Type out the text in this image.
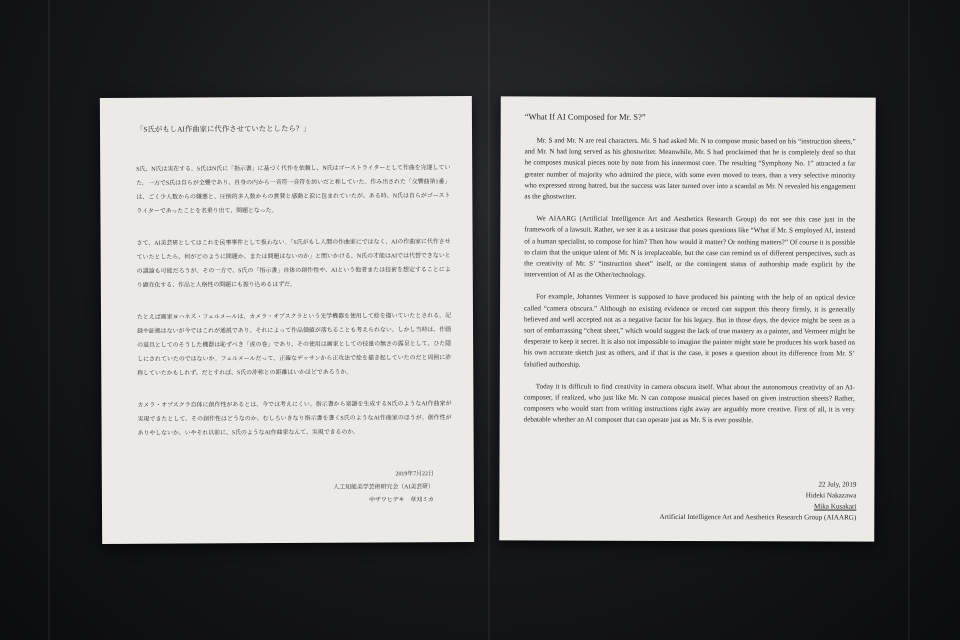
「S氏がもしAI作曲家に代作させていたとしたら？」

S氏、N氏は実在する。S氏はN氏に「指示書」に基づく代作を依頼し、N氏はゴーストライターとして作曲を完遂していた。一方でS氏は自らが全聾であり、自身の内から一音符一音符を紡いだと称していた。作み出された「交響曲第1番」は、ごく少人数からの嫌悪と、圧倒的多人数からの賞賛と感動と涙に包まれていたが、ある時、N氏は自らがゴーストライターであったことを名乗り出て、問題となった。

さて、AI美芸研としてはこれを民事事件として扱わない。「S氏がもし人間の作曲家にではなく、AIの作曲家に代作させていたとしたら、何がどのように問題か、または問題はないのか」と問いかける。N氏の才能はAIでは代替できないとの議論も可能だろうが、その一方で、S氏の「指示書」自体の創作性や、AIという他者または技術を想定することにより顕在化する、作品と人格性の問題にも振り込めるはずだ。

たとえば画家ヨハネス・フェルメールは、カメラ・オブスクラという光学機器を使用して絵を描いていたとされる。記録や証拠はないが今ではこれが通説であり、それによって作品価値が落ちることも考えられない。しかし当時は、作画の道具としてのそうした機器は恥ずべき「虎の巻」であり、その使用は画家としての技量の無さの露呈として、ひた隠しにされていたのではないか。フェルメールだって、正確なデッサンから正攻法で絵を描き起していたのだと周囲に詐称していたかもしれず、だとすれば、S氏の詐称との距離はいかほどであろうか。

カメラ・オブスクラ自体に創作性があるとは、今では考えにくい。指示書から楽譜を生成するN氏のようなAI作曲家が実現できたとして、その創作性はどうなのか。むしろいきなり指示書を書くS氏のようなAI作曲家のほうが、創作性がありやしないか。いやそれ以前に、S氏のようなAI作曲家なんて、実現できるのか。

2019年7月22日
人工知能美学芸術研究会（AI美芸研）
中ザワヒデキ　草刈ミカ

“What If AI Composed for Mr. S?”

Mr. S and Mr. N are real characters. Mr. S had asked Mr. N to compose music based on his “instruction sheets,” and Mr. N had long served as his ghostwriter. Meanwhile, Mr. S had proclaimed that he is completely deaf so that he composes musical pieces note by note from his innermost core. The resulting “Symphony No. 1” attracted a far greater number of majority who admired the piece, with some even moved to tears, than a very selective minority who expressed strong hatred, but the success was later turned over into a scandal as Mr. N revealed his engagement as the ghostwriter.

We AIAARG (Artificial Intelligence Art and Aesthetics Research Group) do not see this case just in the framework of a lawsuit. Rather, we see it as a testcase that poses questions like “What if Mr. S employed AI, instead of a human specialist, to compose for him? Then how would it matter? Or nothing matters?” Of course it is possible to claim that the unique talent of Mr. N is irreplaceable, but the case can remind us of different perspectives, such as the creativity of Mr. S’ “instruction sheet” itself, or the contingent status of authorship made explicit by the intervention of AI as the Other/technology.

For example, Johannes Vermeer is supposed to have produced his painting with the help of an optical device called “camera obscura.” Although no existing evidence or record can support this theory firmly, it is generally believed and well accepted not as a negative factor for his legacy. But in those days, the device might be seen as a sort of embarrassing “cheat sheet,” which would suggest the lack of true mastery as a painter, and Vermeer might be desperate to keep it secret. It is also not impossible to imagine the painter might state he produces his work based on his own accurate sketch just as others, and if that is the case, it poses a question about its difference from Mr. S’ falsified authorship.

Today it is difficult to find creativity in camera obscura itself. What about the autonomous creativity of an AI-composer, if realized, who just like Mr. N can compose musical pieces based on given instruction sheets? Rather, composers who would start from writing instructions right away are arguably more creative. First of all, it is very debatable whether an AI composer that can operate just as Mr. S is ever possible.

22 July, 2019
Hideki Nakazawa
Mika Kusakari
Artificial Intelligence Art and Aesthetics Research Group (AIAARG)
